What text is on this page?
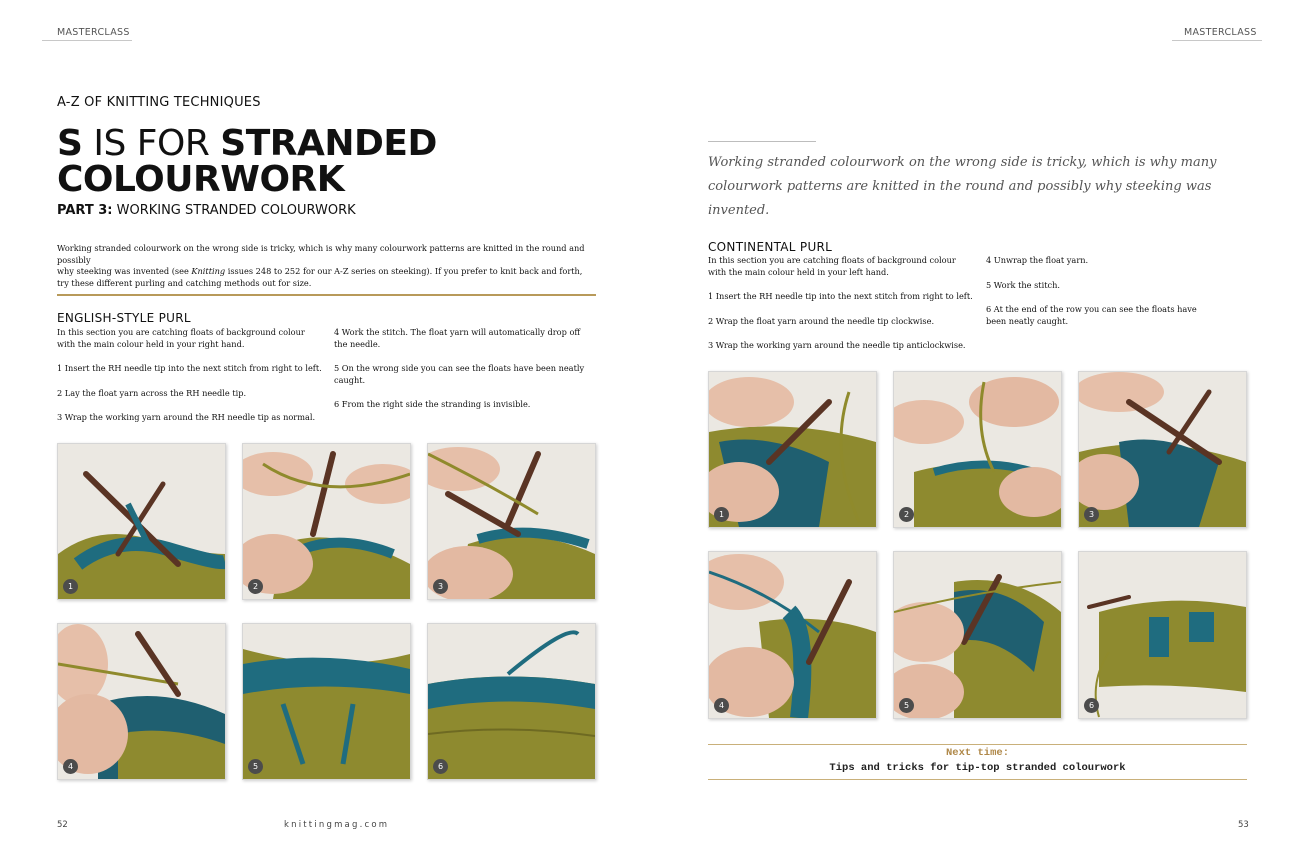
MASTERCLASS	MASTERCLASS
A-Z OF KNITTING TECHNIQUES
S IS FOR STRANDED
COLOURWORK
PART 3: WORKING STRANDED COLOURWORK
Working stranded colourwork on the wrong side is tricky, which is why many colourwork patterns are knitted in the round and possibly
why steeking was invented (see Knitting issues 248 to 252 for our A-Z series on steeking). If you prefer to knit back and forth,
try these different purling and catching methods out for size.
ENGLISH-STYLE PURL
In this section you are catching floats of background colour with the main colour held in your right hand.
1 Insert the RH needle tip into the next stitch from right to left.
2 Lay the float yarn across the RH needle tip.
3 Wrap the working yarn around the RH needle tip as normal.
4 Work the stitch. The float yarn will automatically drop off the needle.
5 On the wrong side you can see the floats have been neatly caught.
6 From the right side the stranding is invisible.
1	2	3
4	5	6
Working stranded colourwork on the wrong side is tricky, which is why many colourwork patterns are knitted in the round and possibly why steeking was invented.
CONTINENTAL PURL
In this section you are catching floats of background colour with the main colour held in your left hand.
1 Insert the RH needle tip into the next stitch from right to left.
2 Wrap the float yarn around the needle tip clockwise.
3 Wrap the working yarn around the needle tip anticlockwise.
4 Unwrap the float yarn.
5 Work the stitch.
6 At the end of the row you can see the floats have been neatly caught.
1	2	3
4	5	6
Next time:
Tips and tricks for tip-top stranded colourwork
52	knittingmag.com	53
